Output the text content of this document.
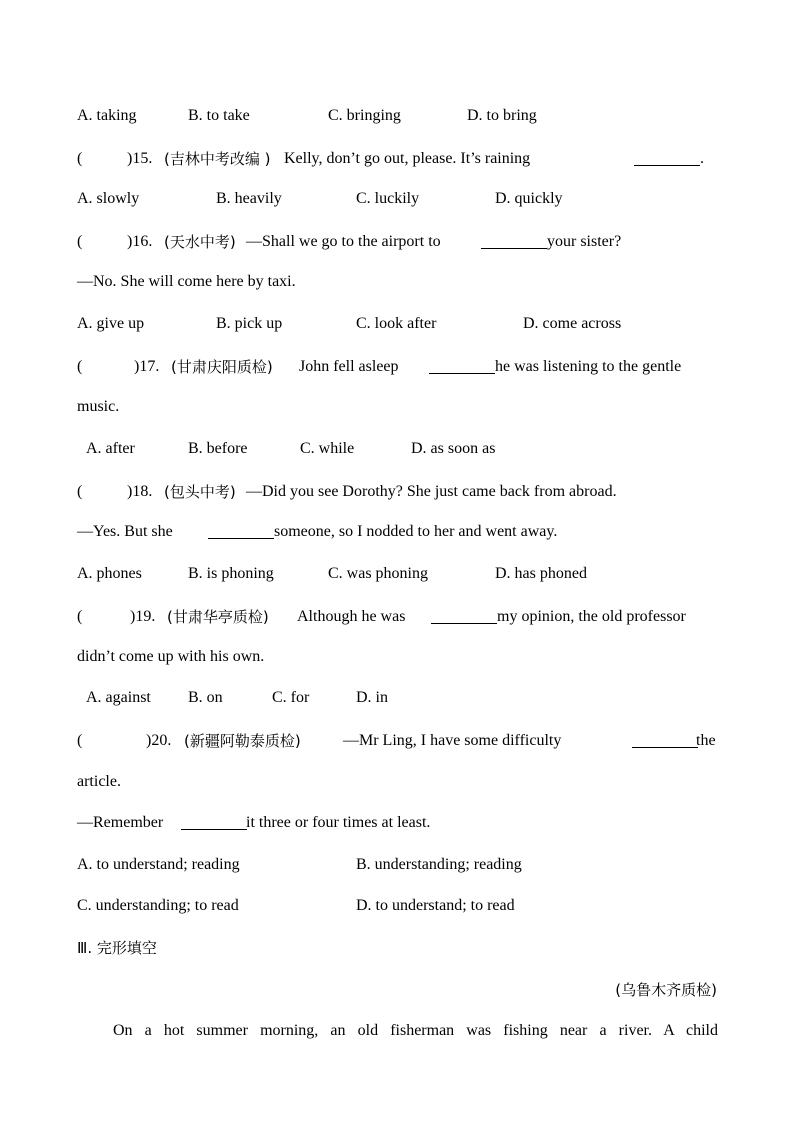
A. taking	B. to take	C. bringing	D. to bring
(	)15. (吉林中考改编 ) Kelly, don’t go out, please. It’s raining	.
A. slowly	B. heavily	C. luckily	D. quickly
(	)16. (天水中考) —Shall we go to the airport to	your sister?
—No. She will come here by taxi.
A. give up	B. pick up	C. look after	D. come across
(	)17. (甘肃庆阳质检) John fell asleep	he was listening to the gentle
music.
A. after	B. before	C. while	D. as soon as
(	)18. (包头中考) —Did you see Dorothy? She just came back from abroad.
—Yes. But she	someone, so I nodded to her and went away.
A. phones	B. is phoning	C. was phoning	D. has phoned
(	)19. (甘肃华亭质检) Although he was	my opinion, the old professor
didn’t come up with his own.
A. against B. on	C. for	D. in
(	)20. (新疆阿勒泰质检)	—Mr Ling, I have some difficulty	the
article.
—Remember	it three or four times at least.
A. to understand; reading	B. understanding; reading
C. understanding; to read	D. to understand; to read
Ⅲ. 完形填空
(乌鲁木齐质检)
On a hot summer morning, an old fisherman was fishing near a river. A child
